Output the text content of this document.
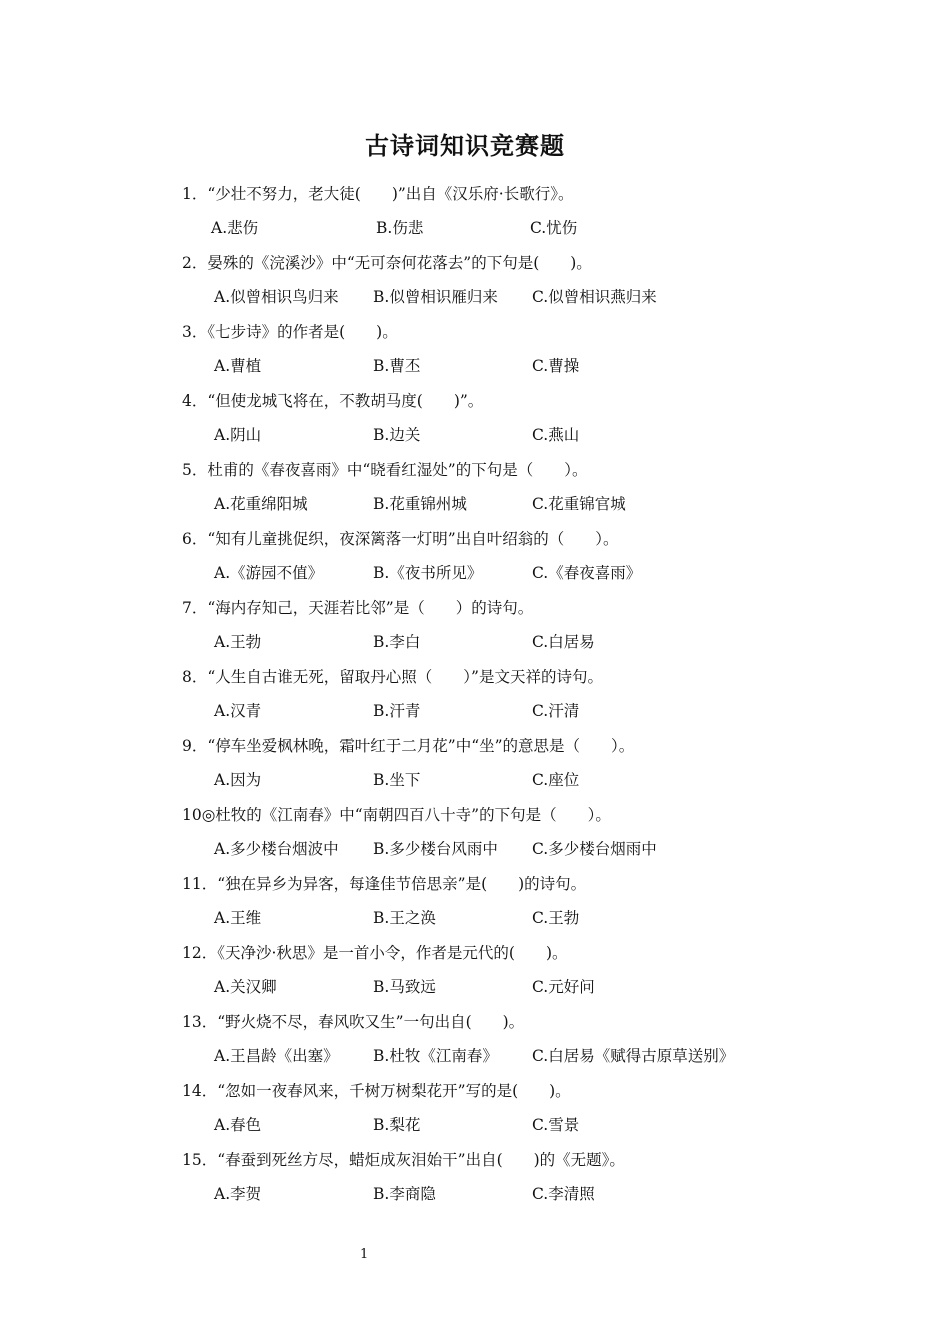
古诗词知识竞赛题
1．“少壮不努力，老大徒(　　)”出自《汉乐府·长歌行》。
A.悲伤	B.伤悲	C.忧伤
2．晏殊的《浣溪沙》中“无可奈何花落去”的下句是(　　)。
A.似曾相识鸟归来 B.似曾相识雁归来 C.似曾相识燕归来
3．《七步诗》的作者是(　　)。
A.曹植	B.曹丕	C.曹操
4．“但使龙城飞将在，不教胡马度(　　)”。
A.阴山	B.边关	C.燕山
5．杜甫的《春夜喜雨》中“晓看红湿处”的下句是（　　）。
A.花重绵阳城	B.花重锦州城	C.花重锦官城
6．“知有儿童挑促织，夜深篱落一灯明”出自叶绍翁的（　　）。
A.《游园不值》	B.《夜书所见》	C.《春夜喜雨》
7．“海内存知己，天涯若比邻”是（　　）的诗句。
A.王勃	B.李白	C.白居易
8．“人生自古谁无死，留取丹心照（　　）”是文天祥的诗句。
A.汉青	B.汗青	C.汗清
9．“停车坐爱枫林晚，霜叶红于二月花”中“坐”的意思是（　　）。
A.因为	B.坐下	C.座位
10◎杜牧的《江南春》中“南朝四百八十寺”的下句是（　　）。
A.多少楼台烟波中 B.多少楼台风雨中 C.多少楼台烟雨中
11．“独在异乡为异客，每逢佳节倍思亲”是(　　)的诗句。
A.王维	B.王之涣	C.王勃
12．《天净沙·秋思》是一首小令，作者是元代的(　　)。
A.关汉卿	B.马致远	C.元好问
13．“野火烧不尽，春风吹又生”一句出自(　　)。
A.王昌龄《出塞》 B.杜牧《江南春》 C.白居易《赋得古原草送别》
14．“忽如一夜春风来，千树万树梨花开”写的是(　　)。
A.春色	B.梨花	C.雪景
15．“春蚕到死丝方尽，蜡炬成灰泪始干”出自(　　)的《无题》。
A.李贺	B.李商隐	C.李清照
1
